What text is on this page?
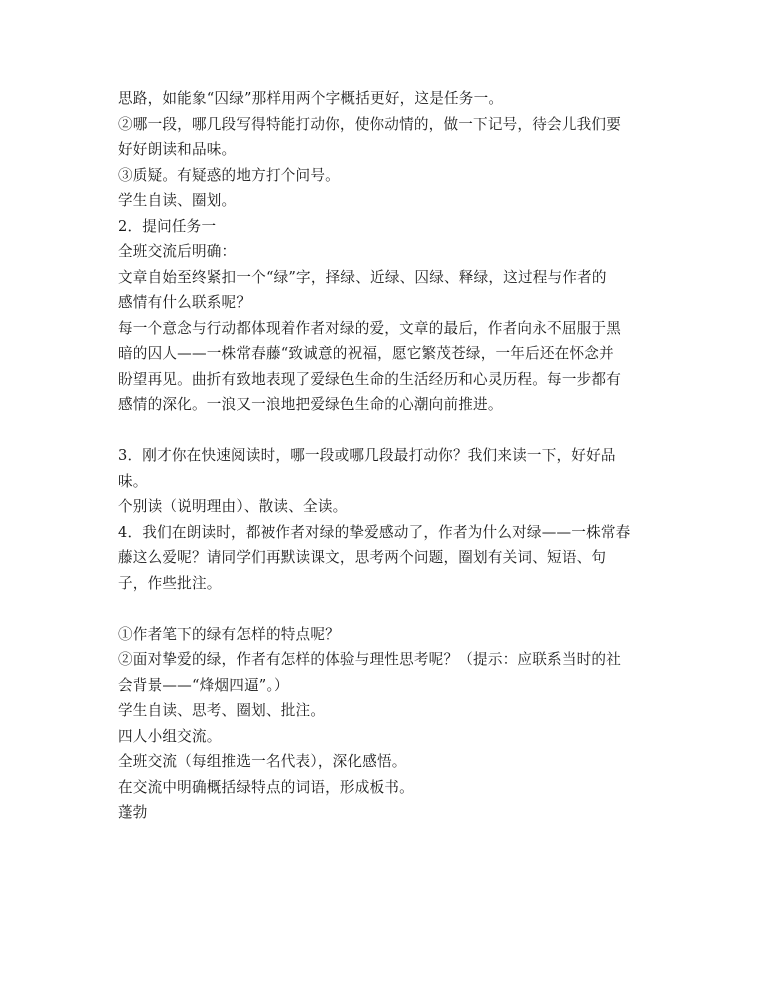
思路，如能象“囚绿”那样用两个字概括更好，这是任务一。
②哪一段，哪几段写得特能打动你，使你动情的，做一下记号，待会儿我们要
好好朗读和品味。
③质疑。有疑惑的地方打个问号。
学生自读、圈划。
2．提问任务一
全班交流后明确：
文章自始至终紧扣一个“绿”字，择绿、近绿、囚绿、释绿，这过程与作者的
感情有什么联系呢？
每一个意念与行动都体现着作者对绿的爱，文章的最后，作者向永不屈服于黑
暗的囚人——一株常春藤“致诚意的祝福，愿它繁茂苍绿，一年后还在怀念并
盼望再见。曲折有致地表现了爱绿色生命的生活经历和心灵历程。每一步都有
感情的深化。一浪又一浪地把爱绿色生命的心潮向前推进。
3．刚才你在快速阅读时，哪一段或哪几段最打动你？我们来读一下，好好品
味。
个别读（说明理由）、散读、全读。
4．我们在朗读时，都被作者对绿的挚爱感动了，作者为什么对绿——一株常春
藤这么爱呢？请同学们再默读课文，思考两个问题，圈划有关词、短语、句
子，作些批注。
①作者笔下的绿有怎样的特点呢？
②面对挚爱的绿，作者有怎样的体验与理性思考呢？（提示：应联系当时的社
会背景——“烽烟四逼”。）
学生自读、思考、圈划、批注。
四人小组交流。
全班交流（每组推选一名代表），深化感悟。
在交流中明确概括绿特点的词语，形成板书。
蓬勃
